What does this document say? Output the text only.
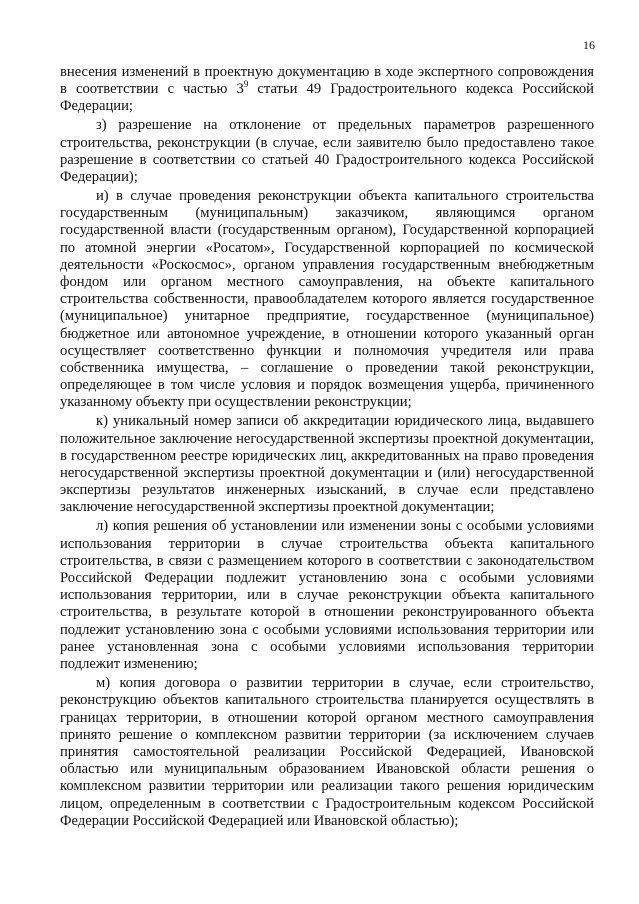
16

внесения изменений в проектную документацию в ходе экспертного сопровождения в соответствии с частью $3^9$ статьи 49 Градостроительного кодекса Российской Федерации;

з) разрешение на отклонение от предельных параметров разрешенного строительства, реконструкции (в случае, если заявителю было предоставлено такое разрешение в соответствии со статьей 40 Градостроительного кодекса Российской Федерации);

и) в случае проведения реконструкции объекта капитального строительства государственным (муниципальным) заказчиком, являющимся органом государственной власти (государственным органом), Государственной корпорацией по атомной энергии «Росатом», Государственной корпорацией по космической деятельности «Роскосмос», органом управления государственным внебюджетным фондом или органом местного самоуправления, на объекте капитального строительства собственности, правообладателем которого является государственное (муниципальное) унитарное предприятие, государственное (муниципальное) бюджетное или автономное учреждение, в отношении которого указанный орган осуществляет соответственно функции и полномочия учредителя или права собственника имущества, – соглашение о проведении такой реконструкции, определяющее в том числе условия и порядок возмещения ущерба, причиненного указанному объекту при осуществлении реконструкции;

к) уникальный номер записи об аккредитации юридического лица, выдавшего положительное заключение негосударственной экспертизы проектной документации, в государственном реестре юридических лиц, аккредитованных на право проведения негосударственной экспертизы проектной документации и (или) негосударственной экспертизы результатов инженерных изысканий, в случае если представлено заключение негосударственной экспертизы проектной документации;

л) копия решения об установлении или изменении зоны с особыми условиями использования территории в случае строительства объекта капитального строительства, в связи с размещением которого в соответствии с законодательством Российской Федерации подлежит установлению зона с особыми условиями использования территории, или в случае реконструкции объекта капитального строительства, в результате которой в отношении реконструированного объекта подлежит установлению зона с особыми условиями использования территории или ранее установленная зона с особыми условиями использования территории подлежит изменению;

м) копия договора о развитии территории в случае, если строительство, реконструкцию объектов капитального строительства планируется осуществлять в границах территории, в отношении которой органом местного самоуправления принято решение о комплексном развитии территории (за исключением случаев принятия самостоятельной реализации Российской Федерацией, Ивановской областью или муниципальным образованием Ивановской области решения о комплексном развитии территории или реализации такого решения юридическим лицом, определенным в соответствии с Градостроительным кодексом Российской Федерации Российской Федерацией или Ивановской областью);
